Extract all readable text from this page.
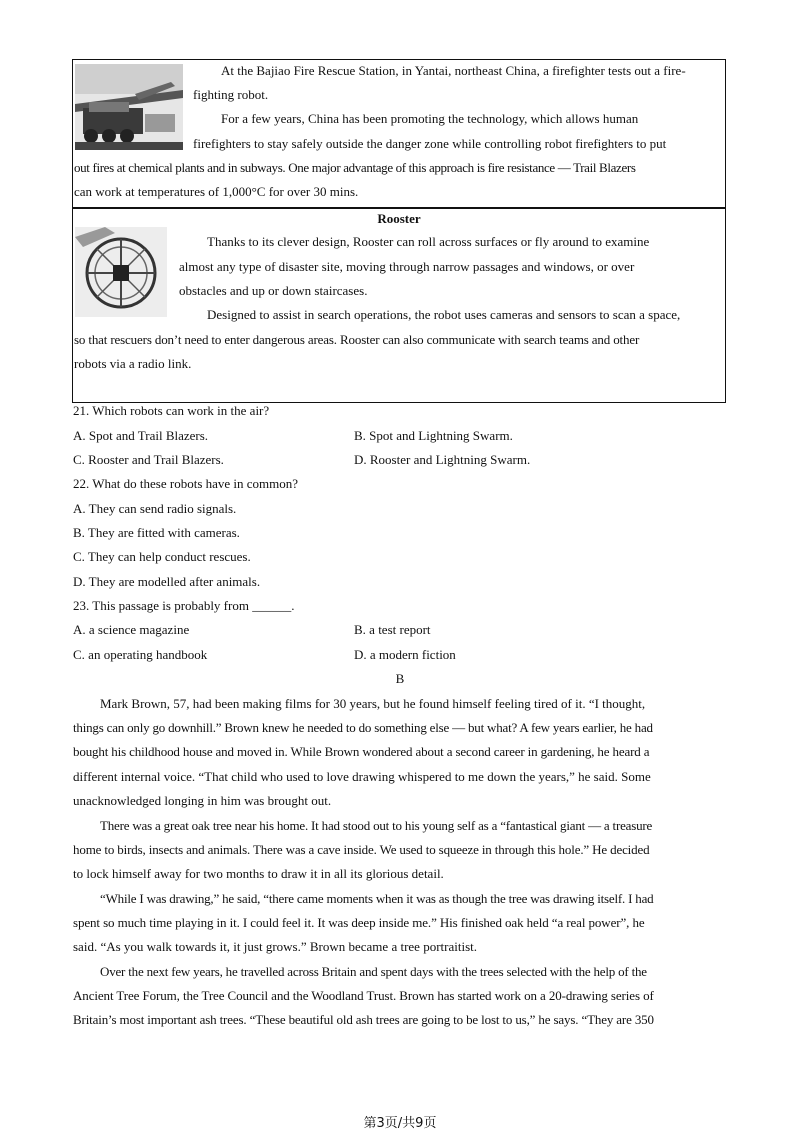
At the Bajiao Fire Rescue Station, in Yantai, northeast China, a firefighter tests out a fire-
fighting robot.
For a few years, China has been promoting the technology, which allows human
firefighters to stay safely outside the danger zone while controlling robot firefighters to put
out fires at chemical plants and in subways. One major advantage of this approach is fire resistance — Trail Blazers
can work at temperatures of 1,000°C for over 30 mins.
Rooster
Thanks to its clever design, Rooster can roll across surfaces or fly around to examine
almost any type of disaster site, moving through narrow passages and windows, or over
obstacles and up or down staircases.
Designed to assist in search operations, the robot uses cameras and sensors to scan a space,
so that rescuers don’t need to enter dangerous areas. Rooster can also communicate with search teams and other
robots via a radio link.
21. Which robots can work in the air?
A. Spot and Trail Blazers.	B. Spot and Lightning Swarm.
C. Rooster and Trail Blazers.	D. Rooster and Lightning Swarm.
22. What do these robots have in common?
A. They can send radio signals.
B. They are fitted with cameras.
C. They can help conduct rescues.
D. They are modelled after animals.
23. This passage is probably from ______.
A. a science magazine	B. a test report
C. an operating handbook	D. a modern fiction
B
Mark Brown, 57, had been making films for 30 years, but he found himself feeling tired of it. “I thought,
things can only go downhill.” Brown knew he needed to do something else — but what? A few years earlier, he had
bought his childhood house and moved in. While Brown wondered about a second career in gardening, he heard a
different internal voice. “That child who used to love drawing whispered to me down the years,” he said. Some
unacknowledged longing in him was brought out.
There was a great oak tree near his home. It had stood out to his young self as a “fantastical giant — a treasure
home to birds, insects and animals. There was a cave inside. We used to squeeze in through this hole.” He decided
to lock himself away for two months to draw it in all its glorious detail.
“While I was drawing,” he said, “there came moments when it was as though the tree was drawing itself. I had
spent so much time playing in it. I could feel it. It was deep inside me.” His finished oak held “a real power”, he
said. “As you walk towards it, it just grows.” Brown became a tree portraitist.
Over the next few years, he travelled across Britain and spent days with the trees selected with the help of the
Ancient Tree Forum, the Tree Council and the Woodland Trust. Brown has started work on a 20-drawing series of
Britain’s most important ash trees. “These beautiful old ash trees are going to be lost to us,” he says. “They are 350
第3页/共9页
